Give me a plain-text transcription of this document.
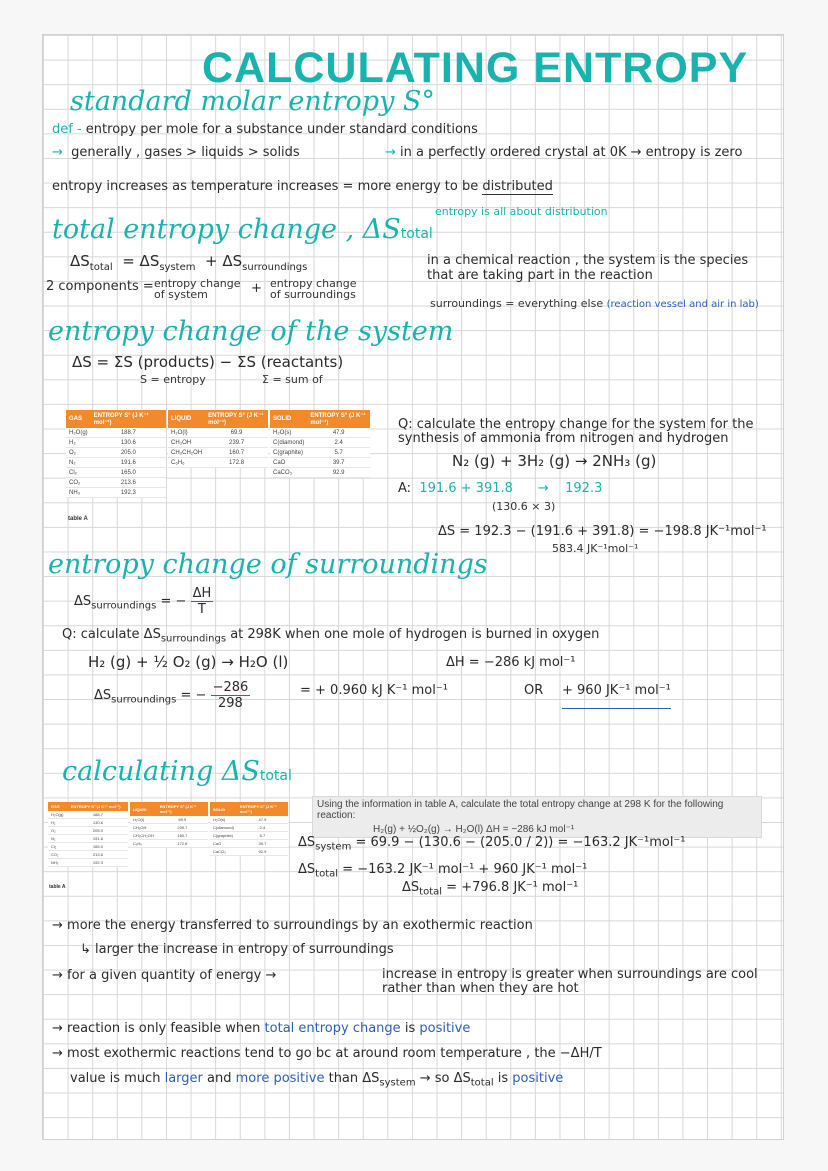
CALCULATING ENTROPY
standard molar entropy S°
def - entropy per mole for a substance under standard conditions
→ generally , gases > liquids > solids	→ in a perfectly ordered crystal at 0K → entropy is zero
entropy increases as temperature increases = more energy to be distributed
entropy is all about distribution
total entropy change , ΔStotal
$\Delta S_{total} = \Delta S_{system} + \Delta S_{surroundings}$
2 components = entropy change of system	+ entropy change of surroundings
in a chemical reaction , the system is the species that are taking part in the reaction
surroundings = everything else (reaction vessel and air in lab)
entropy change of the system
ΔS = ΣS (products) − ΣS (reactants)
S = entropy	Σ = sum of
GAS	ENTROPY S° (J K⁻¹ mol⁻¹)
H₂O(g)	188.7
H₂	130.6
O₂	205.0
N₂	191.6
Cl₂	165.0
CO₂	213.6
NH₃	192.3
LIQUID	ENTROPY S° (J K⁻¹ mol⁻¹)
H₂O(l)	69.9
CH₃OH	239.7
CH₃CH₂OH	160.7
C₆H₆	172.8
SOLID	ENTROPY S° (J K⁻¹ mol⁻¹)
H₂O(s)	47.9
C(diamond)	2.4
C(graphite)	5.7
CaO	39.7
CaCO₃	92.9
table A
Q: calculate the entropy change for the system for the synthesis of ammonia from nitrogen and hydrogen
N₂ (g) + 3H₂ (g) → 2NH₃ (g)
A: 191.6 + 391.8 → 192.3
(130.6 × 3)
ΔS = 192.3 − (191.6 + 391.8) = −198.8 JK⁻¹mol⁻¹
583.4 JK⁻¹mol⁻¹
entropy change of surroundings
$\Delta S_{surroundings}$ = − $\frac{\Delta H}{T}$
Q: calculate $\Delta S_{surroundings}$ at 298K when one mole of hydrogen is burned in oxygen
H₂ (g) + ½ O₂ (g) → H₂O (l)	ΔH = −286 kJ mol⁻¹
$\Delta S_{surroundings}$ = − $\frac{-286}{298}$	= + 0.960 kJ K⁻¹ mol⁻¹	OR + 960 JK⁻¹ mol⁻¹
calculating ΔStotal
GAS	ENTROPY S° (J K⁻¹ mol⁻¹)
H₂O(g)	188.7
H₂	130.6
O₂	205.0
N₂	191.6
Cl₂	165.0
CO₂	213.6
NH₃	192.3
LIQUID	ENTROPY S° (J K⁻¹ mol⁻¹)
H₂O(l)	69.9
CH₃OH	239.7
CH₃CH₂OH	160.7
C₆H₆	172.8
SOLID	ENTROPY S° (J K⁻¹ mol⁻¹)
H₂O(s)	47.9
C(diamond)	2.4
C(graphite)	5.7
CaO	39.7
CaCO₃	92.9
table A
Using the information in table A, calculate the total entropy change at 298 K for the following reaction:
H₂(g) + ½O₂(g) → H₂O(l) ΔH = −286 kJ mol⁻¹
$\Delta S_{system} = 69.9 - (130.6 - (205.0 / 2)) = -163.2$ JK⁻¹mol⁻¹
$\Delta S_{total} = -163.2$ JK⁻¹ mol⁻¹ + 960 JK⁻¹ mol⁻¹
$\Delta S_{total} = +796.8$ JK⁻¹ mol⁻¹
→ more the energy transferred to surroundings by an exothermic reaction
↳ larger the increase in entropy of surroundings
→ for a given quantity of energy →	increase in entropy is greater when surroundings are cool rather than when they are hot
→ reaction is only feasible when total entropy change is positive
→ most exothermic reactions tend to go bc at around room temperature , the −ΔH/T
value is much larger and more positive than $\Delta S_{system}$ → so $\Delta S_{total}$ is positive
